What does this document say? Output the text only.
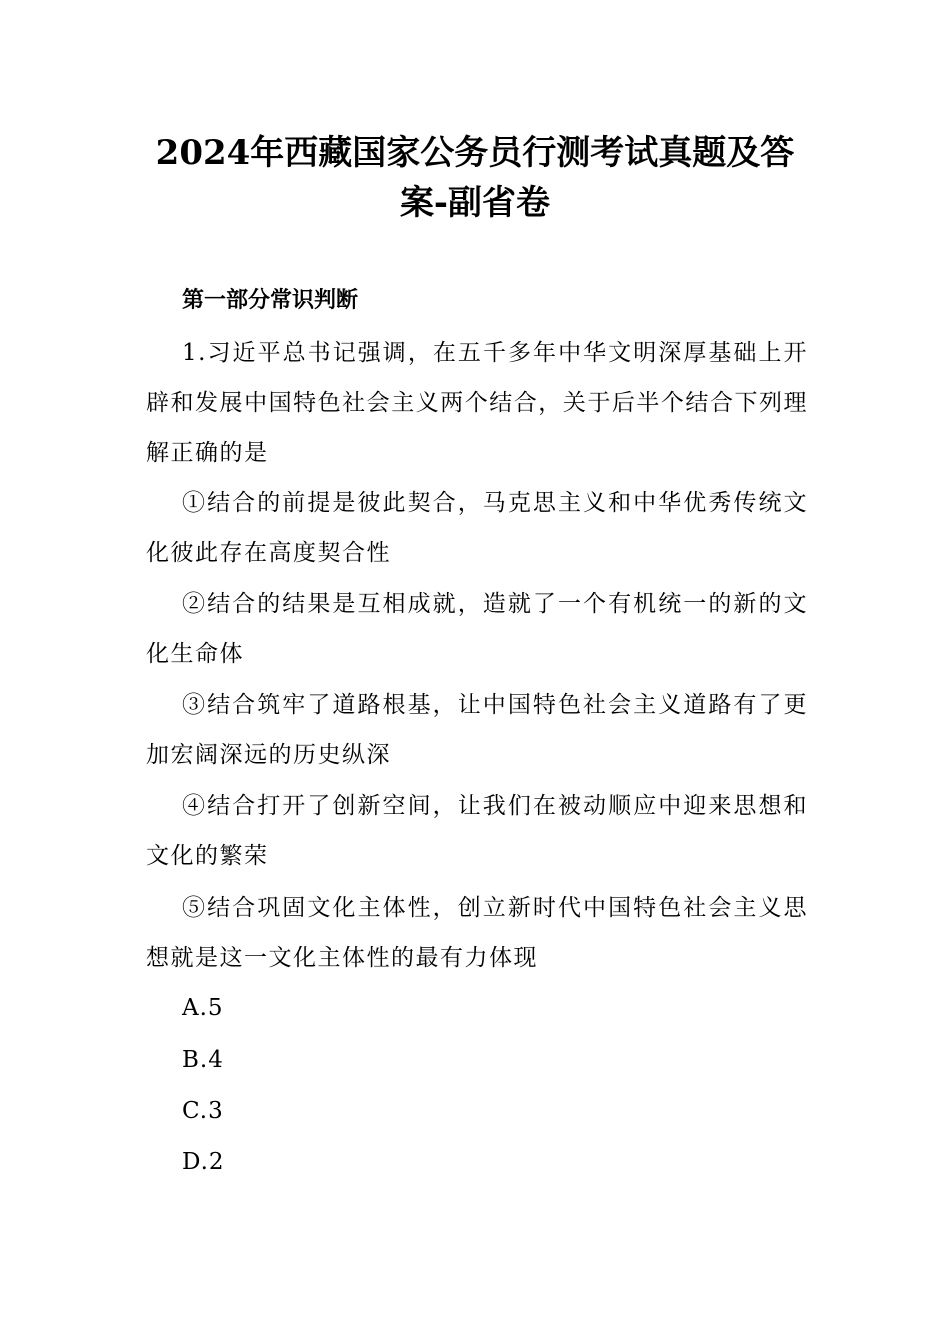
2024年西藏国家公务员行测考试真题及答
案-副省卷
第一部分常识判断
1.习近平总书记强调，在五千多年中华文明深厚基础上开辟和发展中国特色社会主义两个结合，关于后半个结合下列理解正确的是
①结合的前提是彼此契合，马克思主义和中华优秀传统文化彼此存在高度契合性
②结合的结果是互相成就，造就了一个有机统一的新的文化生命体
③结合筑牢了道路根基，让中国特色社会主义道路有了更加宏阔深远的历史纵深
④结合打开了创新空间，让我们在被动顺应中迎来思想和文化的繁荣
⑤结合巩固文化主体性，创立新时代中国特色社会主义思想就是这一文化主体性的最有力体现
A.5
B.4
C.3
D.2
